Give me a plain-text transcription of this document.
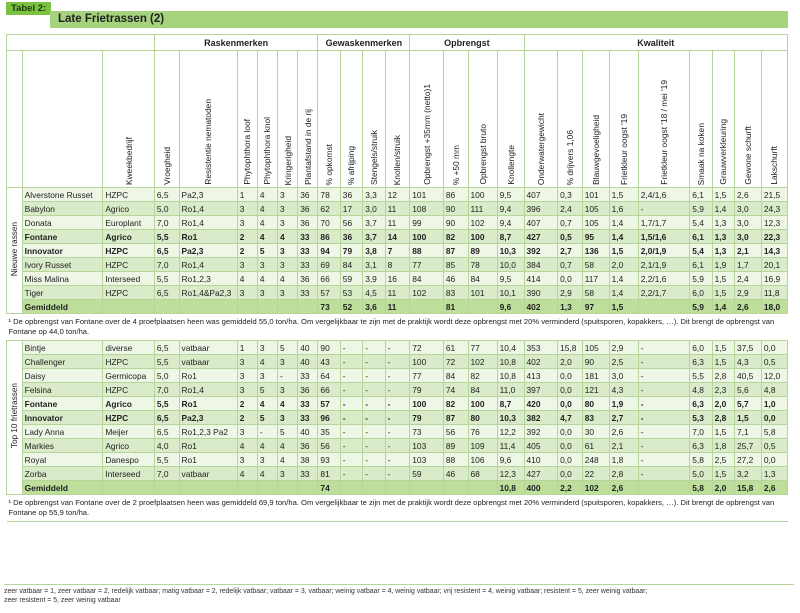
Tabel 2:
Late Frietrassen (2)
			Raskenmerken						Gewaskenmerken				Opbrengst				Kwaliteit								
		Kweekbedrijf	Vroegheid	Resistentie nematoden	Phytophthora loof	Phytophthora knol	Kringerigheid	Plantafstand in de rij	% opkomst	% afrijping	Stengels/struik	Knollen/struik	Opbrengst +35mm (netto)1	% +50 mm	Opbrengst bruto	Knollengte	Onderwatergewicht	% drijvers 1,06	Blauwgevoeligheid	Frietkleur oogst '19	Frietkleur oogst '18 / mei '19	Smaak na koken	Grauwverkleuring	Gewone schurft	Lakschurft
Nieuwe rassen	Alverstone Russet	HZPC	6,5	Pa2,3	1	4	3	36	78	36	3,3	12	101	86	100	9,5	407	0,3	101	1,5	2,4/1,6	6,1	1,5	2,6	21,5
	Babylon	Agrico	5,0	Ro1,4	3	4	3	36	62	17	3,0	11	108	90	111	9,4	396	2,4	105	1,6	-	5,9	1,4	3,0	24,3
	Donata	Europlant	7,0	Ro1,4	3	4	3	36	70	56	3,7	11	99	90	102	9,4	407	0,7	105	1,4	1,7/1,7	5,4	1,3	3,0	12,3
	Fontane	Agrico	5,5	Ro1	2	4	4	33	86	36	3,7	14	100	82	100	8,7	427	0,5	95	1,4	1,5/1,6	6,1	1,3	3,0	22,3
	Innovator	HZPC	6,5	Pa2,3	2	5	3	33	94	79	3,8	7	88	87	89	10,3	392	2,7	136	1,5	2,0/1,9	5,4	1,3	2,1	14,3
	Ivory Russet	HZPC	7,0	Ro1,4	3	3	3	33	69	84	3,1	8	77	85	78	10,0	384	0,7	58	2,0	2,1/1,9	6,1	1,9	1,7	20,1
	Miss Malina	Interseed	5,5	Ro1,2,3	4	4	4	36	66	59	3,9	16	84	46	84	9,5	414	0,0	117	1,4	2,2/1,6	5,9	1,5	2,4	16,9
	Tiger	HZPC	6,5	Ro1,4&Pa2,3	3	3	3	33	57	53	4,5	11	102	83	101	10,1	390	2,9	58	1,4	2,2/1,7	6,0	1,5	2,9	11,8
	Gemiddeld								73	52	3,6	11		81		9,6	402	1,3	97	1,5		5,9	1,4	2,6	18,0
¹ De opbrengst van Fontane over de 4 proefplaatsen heen was gemiddeld 55,0 ton/ha. Om vergelijkbaar te zijn met de praktijk wordt deze opbrengst met 20% verminderd (spuitsporen, kopakkers, …). Dit brengt de opbrengst van Fontane op 44,0 ton/ha.																									
Top 10 frietrassen	Bintje	diverse	6,5	vatbaar	1	3	5	40	90	-	-	-	72	61	77	10,4	353	15,8	105	2,9	-	6,0	1,5	37,5	0,0
	Challenger	HZPC	5,5	vatbaar	3	4	3	40	43	-	-	-	100	72	102	10,8	402	2,0	90	2,5	-	6,3	1,5	4,3	0,5
	Daisy	Germicopa	5,0	Ro1	3	3	-	33	64	-	-	-	77	84	82	10,8	413	0,0	181	3,0	-	5,5	2,8	40,5	12,0
	Felsina	HZPC	7,0	Ro1,4	3	5	3	36	66	-	-	-	79	74	84	11,0	397	0,0	121	4,3	-	4,8	2,3	5,6	4,8
	Fontane	Agrico	5,5	Ro1	2	4	4	33	57	-	-	-	100	82	100	8,7	420	0,0	80	1,9	-	6,3	2,0	5,7	1,0
	Innovator	HZPC	6,5	Pa2,3	2	5	3	33	96	-	-	-	79	87	80	10,3	382	4,7	83	2,7	-	5,3	2,8	1,5	0,0
	Lady Anna	Meijer	6,5	Ro1,2,3 Pa2	3	-	5	40	35	-	-	-	73	56	76	12,2	392	0,0	30	2,6	-	7,0	1,5	7,1	5,8
	Markies	Agrico	4,0	Ro1	4	4	4	36	56	-	-	-	103	89	109	11,4	405	0,0	61	2,1	-	6,3	1,8	25,7	0,5
	Royal	Danespo	5,5	Ro1	3	3	4	38	93	-	-	-	103	88	106	9,6	410	0,0	248	1,8	-	5,8	2,5	27,2	0,0
	Zorba	Interseed	7,0	vatbaar	4	4	3	33	81	-	-	-	59	46	68	12,3	427	0,0	22	2,8	-	5,0	1,5	3,2	1,3
	Gemiddeld								74							10,8	400	2,2	102	2,6		5,8	2,0	15,8	2,6
¹ De opbrengst van Fontane over de 2 proefplaatsen heen was gemiddeld 69,9 ton/ha. Om vergelijkbaar te zijn met de praktijk wordt deze opbrengst met 20% verminderd (spuitsporen, kopakkers, …). Dit brengt de opbrengst van Fontane op 55,9 ton/ha.																									
zeer vatbaar = 1, zeer vatbaar = 2, redelijk vatbaar; matig vatbaar = 2, redelijk vatbaar; vatbaar = 3, vatbaar; weinig vatbaar = 4, weinig vatbaar; vrij resistent = 4, weinig vatbaar; resistent = 5, zeer weinig vatbaar;
zeer resistent = 5, zeer weinig vatbaar
